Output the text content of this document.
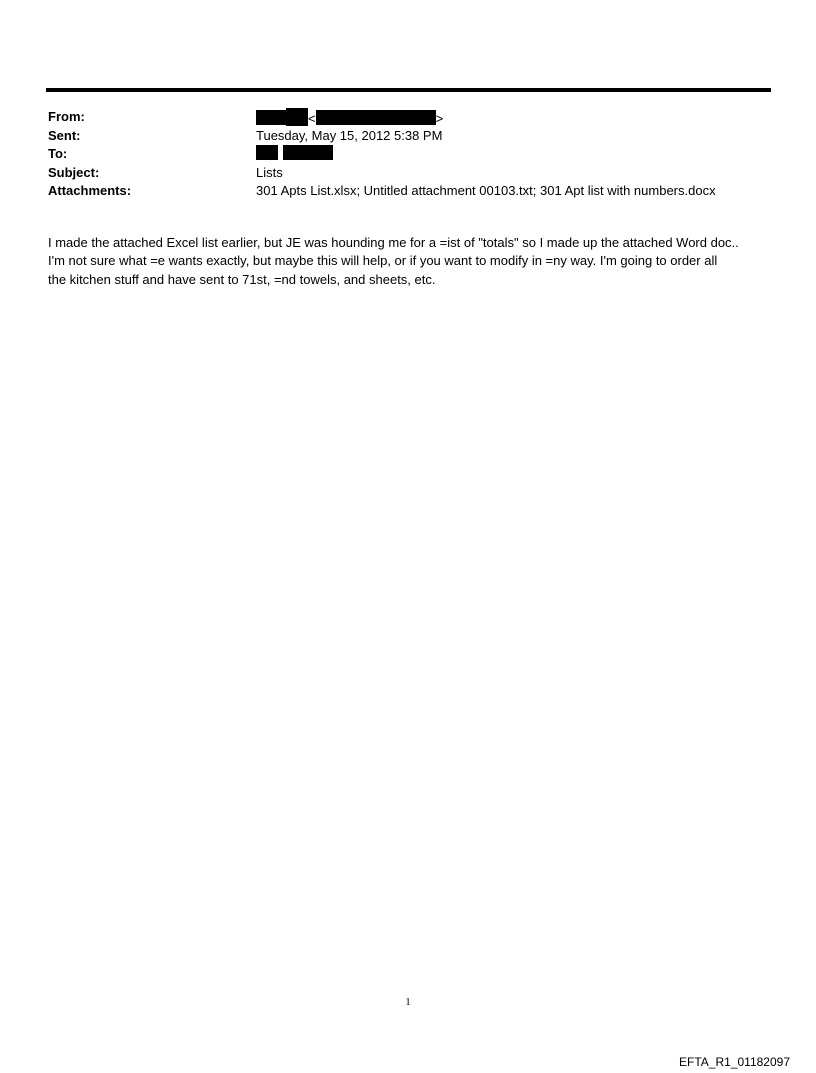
From:	<	>
Sent:	Tuesday, May 15, 2012 5:38 PM
To:

Subject:	Lists
Attachments:	301 Apts List.xlsx; Untitled attachment 00103.txt; 301 Apt list with numbers.docx
I made the attached Excel list earlier, but JE was hounding me for a =ist of "totals" so I made up the attached Word doc..
I'm not sure what =e wants exactly, but maybe this will help, or if you want to modify in =ny way. I'm going to order all
the kitchen stuff and have sent to 71st, =nd towels, and sheets, etc.
1
EFTA_R1_01182097
